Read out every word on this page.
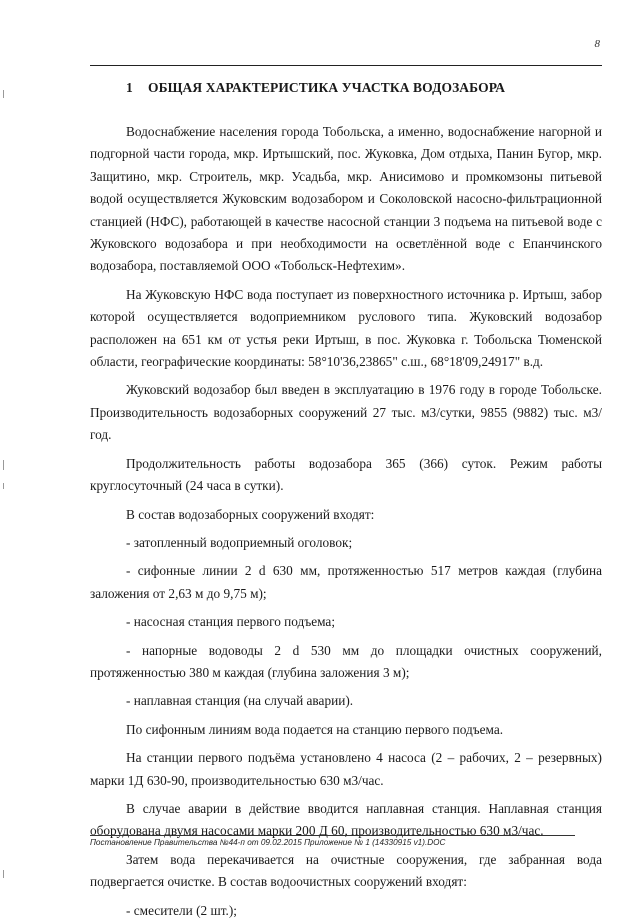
8
1 ОБЩАЯ ХАРАКТЕРИСТИКА УЧАСТКА ВОДОЗАБОРА

Водоснабжение населения города Тобольска, а именно, водоснабжение нагорной и подгорной части города, мкр. Иртышский, пос. Жуковка, Дом отдыха, Панин Бугор, мкр. Защитино, мкр. Строитель, мкр. Усадьба, мкр. Анисимово и промкомзоны питьевой водой осуществляется Жуковским водозабором и Соколовской насосно-фильтрационной станцией (НФС), работающей в качестве насосной станции 3 подъема на питьевой воде с Жуковского водозабора и при необходимости на осветлённой воде с Епанчинского водозабора, поставляемой ООО «Тобольск-Нефтехим».

На Жуковскую НФС вода поступает из поверхностного источника р. Иртыш, забор которой осуществляется водоприемником руслового типа. Жуковский водозабор расположен на 651 км от устья реки Иртыш, в пос. Жуковка г. Тобольска Тюменской области, географические координаты: 58°10'36,23865" с.ш., 68°18'09,24917" в.д.

Жуковский водозабор был введен в эксплуатацию в 1976 году в городе Тобольске. Производительность водозаборных сооружений 27 тыс. м3/сутки, 9855 (9882) тыс. м3/год.

Продолжительность работы водозабора 365 (366) суток. Режим работы круглосуточный (24 часа в сутки).

В состав водозаборных сооружений входят:

- затопленный водоприемный оголовок;

- сифонные линии 2 d 630 мм, протяженностью 517 метров каждая (глубина заложения от 2,63 м до 9,75 м);

- насосная станция первого подъема;

- напорные водоводы 2 d 530 мм до площадки очистных сооружений, протяженностью 380 м каждая (глубина заложения 3 м);

- наплавная станция (на случай аварии).

По сифонным линиям вода подается на станцию первого подъема.

На станции первого подъёма установлено 4 насоса (2 – рабочих, 2 – резервных) марки 1Д 630-90, производительностью 630 м3/час.

В случае аварии в действие вводится наплавная станция. Наплавная станция оборудована двумя насосами марки 200 Д 60, производительностью 630 м3/час.

Затем вода перекачивается на очистные сооружения, где забранная вода подвергается очистке. В состав водоочистных сооружений входят:

- смесители (2 шт.);

Постановление Правительства №44-п от 09.02.2015 Приложение № 1 (14330915 v1).DOC
